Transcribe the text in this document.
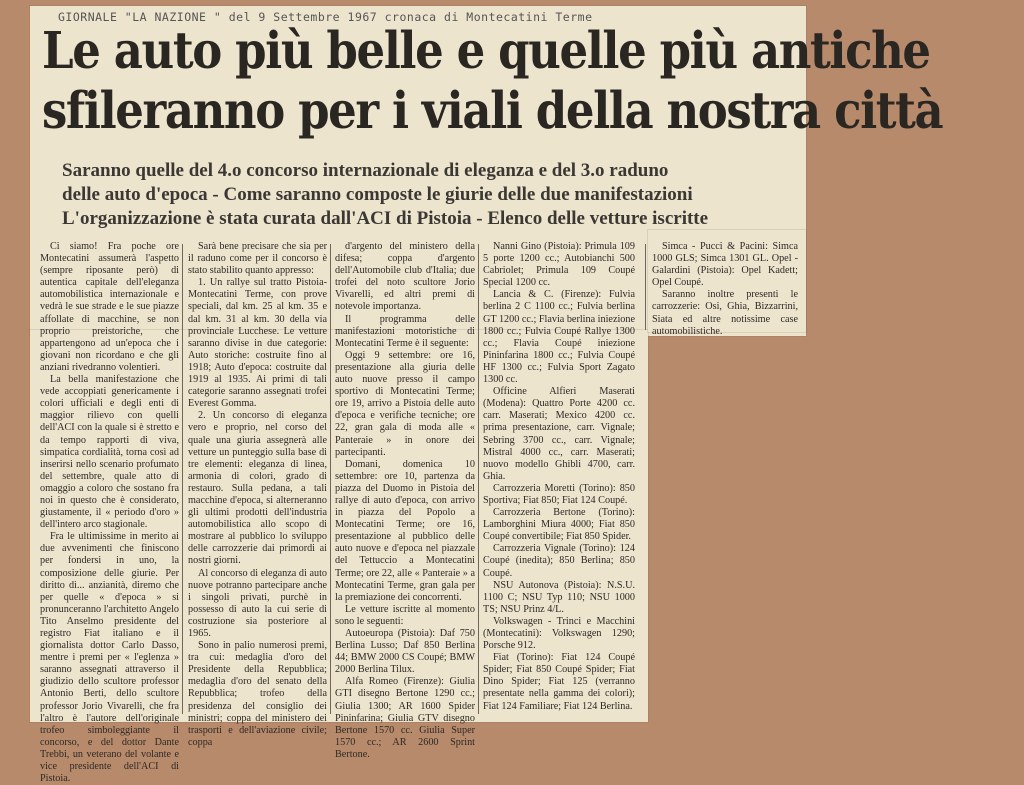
GIORNALE "LA NAZIONE " del 9 Settembre 1967 cronaca di Montecatini Terme
Le auto più belle e quelle più antiche
sfileranno per i viali della nostra città
Saranno quelle del 4.o concorso internazionale di eleganza e del 3.o raduno
delle auto d'epoca - Come saranno composte le giurie delle due manifestazioni
L'organizzazione è stata curata dall'ACI di Pistoia - Elenco delle vetture iscritte

Ci siamo! Fra poche ore Montecatini assumerà l'aspetto (sempre riposante però) di autentica capitale dell'eleganza automobilistica internazionale e vedrà le sue strade e le sue piazze affollate di macchine, se non proprio preistoriche, che appartengono ad un'epoca che i giovani non ricordano e che gli anziani rivedranno volentieri.

La bella manifestazione che vede accoppiati genericamente i colori ufficiali e degli enti di maggior rilievo con quelli dell'ACI con la quale si è stretto e da tempo rapporti di viva, simpatica cordialità, torna così ad inserirsi nello scenario profumato del settembre, quale atto di omaggio a coloro che sostano fra noi in questo che è considerato, giustamente, il « periodo d'oro » dell'intero arco stagionale.

Fra le ultimissime in merito ai due avvenimenti che finiscono per fondersi in uno, la composizione delle giurie. Per diritto di... anzianità, diremo che per quelle « d'epoca » si pronunceranno l'architetto Angelo Tito Anselmo presidente del registro Fiat italiano e il giornalista dottor Carlo Dasso, mentre i premi per « l'eglenza » saranno assegnati attraverso il giudizio dello scultore professor Antonio Berti, dello scultore professor Jorio Vivarelli, che fra l'altro è l'autore dell'originale trofeo simboleggiante il concorso, e del dottor Dante Trebbi, un veterano del volante e vice presidente dell'ACI di Pistoia.

Sarà bene precisare che sia per il raduno come per il concorso è stato stabilito quanto appresso:

1. Un rallye sul tratto Pistoia-Montecatini Terme, con prove speciali, dal km. 25 al km. 35 e dal km. 31 al km. 30 della via provinciale Lucchese. Le vetture saranno divise in due categorie: Auto storiche: costruite fino al 1918; Auto d'epoca: costruite dal 1919 al 1935. Ai primi di tali categorie saranno assegnati trofei Everest Gomma.

2. Un concorso di eleganza vero e proprio, nel corso del quale una giuria assegnerà alle vetture un punteggio sulla base di tre elementi: eleganza di linea, armonia di colori, grado di restauro. Sulla pedana, a tali macchine d'epoca, si alterneranno gli ultimi prodotti dell'industria automobilistica allo scopo di mostrare al pubblico lo sviluppo delle carrozzerie dai primordi ai nostri giorni.

Al concorso di eleganza di auto nuove potranno partecipare anche i singoli privati, purchè in possesso di auto la cui serie di costruzione sia posteriore al 1965.

Sono in palio numerosi premi, tra cui: medaglia d'oro del Presidente della Repubblica; medaglia d'oro del senato della Repubblica; trofeo della presidenza del consiglio dei ministri; coppa del ministero dei trasporti e dell'aviazione civile; coppa

d'argento del ministero della difesa; coppa d'argento dell'Automobile club d'Italia; due trofei del noto scultore Jorio Vivarelli, ed altri premi di notevole importanza.

Il programma delle manifestazioni motoristiche di Montecatini Terme è il seguente:

Oggi 9 settembre: ore 16, presentazione alla giuria delle auto nuove presso il campo sportivo di Montecatini Terme; ore 19, arrivo a Pistoia delle auto d'epoca e verifiche tecniche; ore 22, gran gala di moda alle « Panteraie » in onore dei partecipanti.

Domani, domenica 10 settembre: ore 10, partenza da piazza del Duomo in Pistoia del rallye di auto d'epoca, con arrivo in piazza del Popolo a Montecatini Terme; ore 16, presentazione al pubblico delle auto nuove e d'epoca nel piazzale del Tettuccio a Montecatini Terme; ore 22, alle « Panteraie » a Montecatini Terme, gran gala per la premiazione dei concorrenti.

Le vetture iscritte al momento sono le seguenti:

Autoeuropa (Pistoia): Daf 750 Berlina Lusso; Daf 850 Berlina 44; BMW 2000 CS Coupé; BMW 2000 Berlina Tilux.

Alfa Romeo (Firenze): Giulia GTI disegno Bertone 1290 cc.; Giulia 1300; AR 1600 Spider Pininfarina; Giulia GTV disegno Bertone 1570 cc. Giulia Super 1570 cc.; AR 2600 Sprint Bertone.

Nanni Gino (Pistoia): Primula 109 5 porte 1200 cc.; Autobianchi 500 Cabriolet; Primula 109 Coupé Special 1200 cc.

Lancia & C. (Firenze): Fulvia berlina 2 C 1100 cc.; Fulvia berlina GT 1200 cc.; Flavia berlina iniezione 1800 cc.; Fulvia Coupé Rallye 1300 cc.; Flavia Coupé iniezione Pininfarina 1800 cc.; Fulvia Coupé HF 1300 cc.; Fulvia Sport Zagato 1300 cc.

Officine Alfieri Maserati (Modena): Quattro Porte 4200 cc. carr. Maserati; Mexico 4200 cc. prima presentazione, carr. Vignale; Sebring 3700 cc., carr. Vignale; Mistral 4000 cc., carr. Maserati; nuovo modello Ghibli 4700, carr. Ghia.

Carrozzeria Moretti (Torino): 850 Sportiva; Fiat 850; Fiat 124 Coupé.

Carrozzeria Bertone (Torino): Lamborghini Miura 4000; Fiat 850 Coupé convertibile; Fiat 850 Spider.

Carrozzeria Vignale (Torino): 124 Coupé (inedita); 850 Berlina; 850 Coupé.

NSU Autonova (Pistoia): N.S.U. 1100 C; NSU Typ 110; NSU 1000 TS; NSU Prinz 4/L.

Volkswagen - Trinci e Macchini (Montecatini): Volkswagen 1290; Porsche 912.

Fiat (Torino): Fiat 124 Coupé Spider; Fiat 850 Coupé Spider; Fiat Dino Spider; Fiat 125 (verranno presentate nella gamma dei colori); Fiat 124 Familiare; Fiat 124 Berlina.

Simca - Pucci & Pacini: Simca 1000 GLS; Simca 1301 GL. Opel - Galardini (Pistoia): Opel Kadett; Opel Coupé.

Saranno inoltre presenti le carrozzerie: Osi, Ghia, Bizzarrini, Siata ed altre notissime case automobilistiche.
